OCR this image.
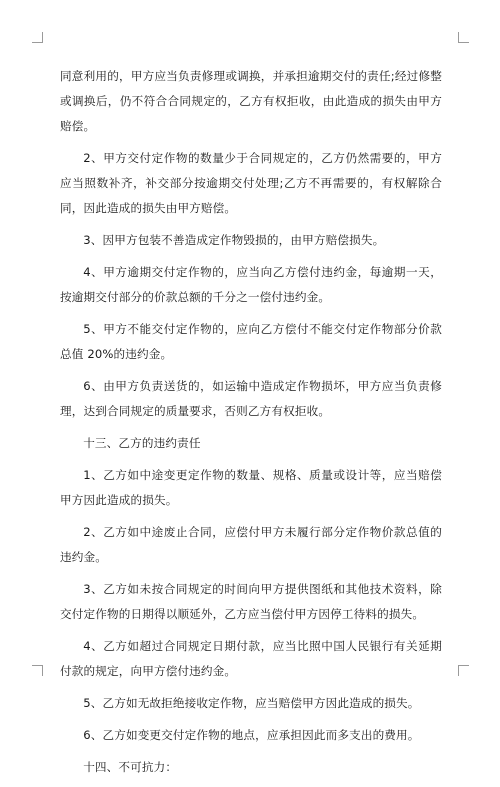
同意利用的，甲方应当负责修理或调换，并承担逾期交付的责任;经过修整或调换后，仍不符合合同规定的，乙方有权拒收，由此造成的损失由甲方赔偿。

2、甲方交付定作物的数量少于合同规定的，乙方仍然需要的，甲方应当照数补齐，补交部分按逾期交付处理;乙方不再需要的，有权解除合同，因此造成的损失由甲方赔偿。

3、因甲方包装不善造成定作物毁损的，由甲方赔偿损失。

4、甲方逾期交付定作物的，应当向乙方偿付违约金，每逾期一天，按逾期交付部分的价款总额的千分之一偿付违约金。

5、甲方不能交付定作物的，应向乙方偿付不能交付定作物部分价款总值 20%的违约金。

6、由甲方负责送货的，如运输中造成定作物损坏，甲方应当负责修理，达到合同规定的质量要求，否则乙方有权拒收。

十三、乙方的违约责任

1、乙方如中途变更定作物的数量、规格、质量或设计等，应当赔偿甲方因此造成的损失。

2、乙方如中途废止合同，应偿付甲方未履行部分定作物价款总值的违约金。

3、乙方如未按合同规定的时间向甲方提供图纸和其他技术资料，除交付定作物的日期得以顺延外，乙方应当偿付甲方因停工待料的损失。

4、乙方如超过合同规定日期付款，应当比照中国人民银行有关延期付款的规定，向甲方偿付违约金。

5、乙方如无故拒绝接收定作物，应当赔偿甲方因此造成的损失。

6、乙方如变更交付定作物的地点，应承担因此而多支出的费用。

十四、不可抗力：
